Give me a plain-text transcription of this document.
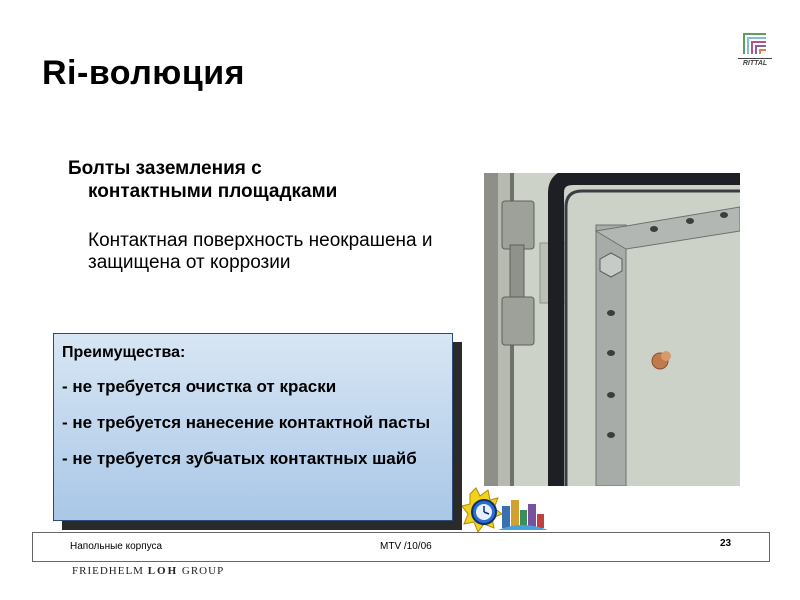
Ri-волюция	RITTAL
Болты заземления с
контактными площадками
Контактная поверхность неокрашена и защищена от коррозии
Преимущества:
- не требуется очистка от краски
- не требуется нанесение контактной пасты
- не требуется зубчатых контактных шайб
Напольные корпуса	MTV /10/06	23
FRIEDHELM LOH GROUP
